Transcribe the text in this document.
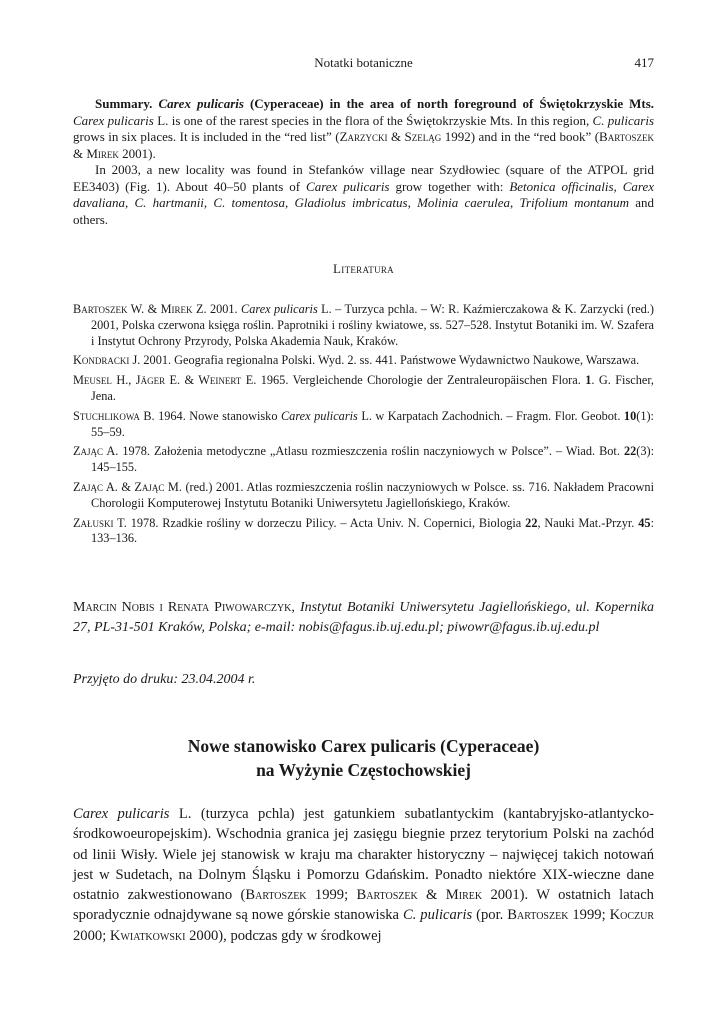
Notatki botaniczne	417

Summary. Carex pulicaris (Cyperaceae) in the area of north foreground of Świętokrzyskie Mts. Carex pulicaris L. is one of the rarest species in the flora of the Świętokrzyskie Mts. In this region, C. pulicaris grows in six places. It is included in the “red list” (Zarzycki & Szeląg 1992) and in the “red book” (Bartoszek & Mirek 2001).

In 2003, a new locality was found in Stefanków village near Szydłowiec (square of the ATPOL grid EE3403) (Fig. 1). About 40–50 plants of Carex pulicaris grow together with: Betonica officinalis, Carex davaliana, C. hartmanii, C. tomentosa, Gladiolus imbricatus, Molinia caerulea, Trifolium montanum and others.

Literatura

Bartoszek W. & Mirek Z. 2001. Carex pulicaris L. – Turzyca pchla. – W: R. Kaźmierczakowa & K. Zarzycki (red.) 2001, Polska czerwona księga roślin. Paprotniki i rośliny kwiatowe, ss. 527–528. Instytut Botaniki im. W. Szafera i Instytut Ochrony Przyrody, Polska Akademia Nauk, Kraków.

Kondracki J. 2001. Geografia regionalna Polski. Wyd. 2. ss. 441. Państwowe Wydawnictwo Naukowe, Warszawa.

Meusel H., Jäger E. & Weinert E. 1965. Vergleichende Chorologie der Zentraleuropäischen Flora. 1. G. Fischer, Jena.

Stuchlikowa B. 1964. Nowe stanowisko Carex pulicaris L. w Karpatach Zachodnich. – Fragm. Flor. Geobot. 10(1): 55–59.

Zając A. 1978. Założenia metodyczne „Atlasu rozmieszczenia roślin naczyniowych w Polsce”. – Wiad. Bot. 22(3): 145–155.

Zając A. & Zając M. (red.) 2001. Atlas rozmieszczenia roślin naczyniowych w Polsce. ss. 716. Nakładem Pracowni Chorologii Komputerowej Instytutu Botaniki Uniwersytetu Jagiellońskiego, Kraków.

Załuski T. 1978. Rzadkie rośliny w dorzeczu Pilicy. – Acta Univ. N. Copernici, Biologia 22, Nauki Mat.-Przyr. 45: 133–136.

Marcin Nobis i Renata Piwowarczyk, Instytut Botaniki Uniwersytetu Jagiellońskiego, ul. Kopernika 27, PL-31-501 Kraków, Polska; e-mail: nobis@fagus.ib.uj.edu.pl; piwowr@fagus.ib.uj.edu.pl
Przyjęto do druku: 23.04.2004 r.
Nowe stanowisko Carex pulicaris (Cyperaceae)
na Wyżynie Częstochowskiej

Carex pulicaris L. (turzyca pchla) jest gatunkiem subatlantyckim (kantabryjsko-atlantycko-środkowoeuropejskim). Wschodnia granica jej zasięgu biegnie przez terytorium Polski na zachód od linii Wisły. Wiele jej stanowisk w kraju ma charakter historyczny – najwięcej takich notowań jest w Sudetach, na Dolnym Śląsku i Pomorzu Gdańskim. Ponadto niektóre XIX-wieczne dane ostatnio zakwestionowano (Bartoszek 1999; Bartoszek & Mirek 2001). W ostatnich latach sporadycznie odnajdywane są nowe górskie stanowiska C. pulicaris (por. Bartoszek 1999; Koczur 2000; Kwiatkowski 2000), podczas gdy w środkowej
